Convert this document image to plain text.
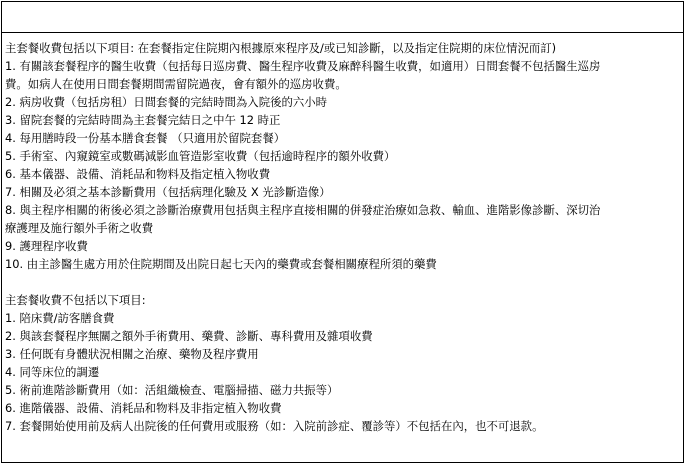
主套餐收費包括以下項目: 在套餐指定住院期內根據原來程序及/或已知診斷，以及指定住院期的床位情況而訂)
1. 有關該套餐程序的醫生收費（包括每日巡房費、醫生程序收費及麻醉科醫生收費，如適用）日間套餐不包括醫生巡房
費。如病人在使用日間套餐期間需留院過夜，會有額外的巡房收費。
2. 病房收費（包括房租）日間套餐的完結時間為入院後的六小時
3. 留院套餐的完結時間為主套餐完結日之中午 12 時正
4. 每用膳時段一份基本膳食套餐 （只適用於留院套餐）
5. 手術室、內窺鏡室或數碼減影血管造影室收費（包括逾時程序的額外收費）
6. 基本儀器、設備、消耗品和物料及指定植入物收費
7. 相關及必須之基本診斷費用（包括病理化驗及 X 光診斷造像）
8. 與主程序相關的術後必須之診斷治療費用包括與主程序直接相關的併發症治療如急救、輸血、進階影像診斷、深切治
療護理及施行額外手術之收費
9. 護理程序收費
10. 由主診醫生處方用於住院期間及出院日起七天內的藥費或套餐相關療程所須的藥費
主套餐收費不包括以下項目:
1. 陪床費/訪客膳食費
2. 與該套餐程序無關之額外手術費用、藥費、診斷、專科費用及雜項收費
3. 任何既有身體狀況相關之治療、藥物及程序費用
4. 同等床位的調遷
5. 術前進階診斷費用（如：活組織檢查、電腦掃描、磁力共振等）
6. 進階儀器、設備、消耗品和物料及非指定植入物收費
7. 套餐開始使用前及病人出院後的任何費用或服務（如：入院前診症、覆診等）不包括在內，也不可退款。
